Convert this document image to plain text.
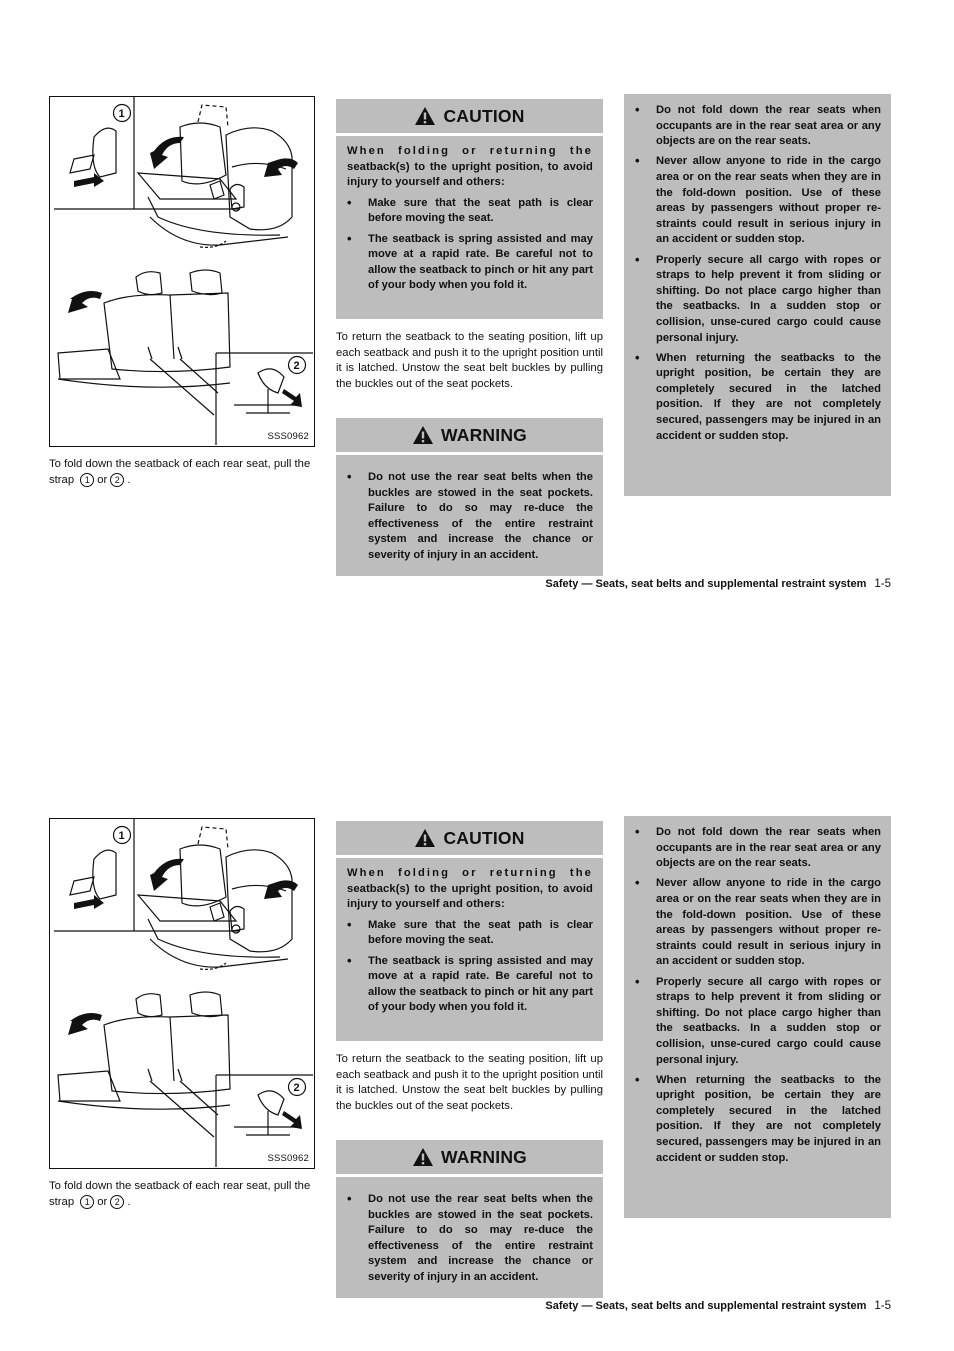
1
2
SSS0962

To fold down the seatback of each rear seat, pull the strap 1 or 2 .

CAUTION

When folding or returning the seatback(s) to the upright position, to avoid injury to yourself and others:

• Make sure that the seat path is clear before moving the seat.
• The seatback is spring assisted and may move at a rapid rate. Be careful not to allow the seatback to pinch or hit any part of your body when you fold it.

To return the seatback to the seating position, lift up each seatback and push it to the upright position until it is latched. Unstow the seat belt buckles by pulling the buckles out of the seat pockets.

WARNING
• Do not use the rear seat belts when the buckles are stowed in the seat pockets. Failure to do so may re-duce the effectiveness of the entire restraint system and increase the chance or severity of injury in an accident.
• Do not fold down the rear seats when occupants are in the rear seat area or any objects are on the rear seats.
• Never allow anyone to ride in the cargo area or on the rear seats when they are in the fold-down position. Use of these areas by passengers without proper re-straints could result in serious injury in an accident or sudden stop.
• Properly secure all cargo with ropes or straps to help prevent it from sliding or shifting. Do not place cargo higher than the seatbacks. In a sudden stop or collision, unse-cured cargo could cause personal injury.
• When returning the seatbacks to the upright position, be certain they are completely secured in the latched position. If they are not completely secured, passengers may be injured in an accident or sudden stop.
Safety — Seats, seat belts and supplemental restraint system 1-5
1
2
SSS0962

To fold down the seatback of each rear seat, pull the strap 1 or 2 .

CAUTION

When folding or returning the seatback(s) to the upright position, to avoid injury to yourself and others:

• Make sure that the seat path is clear before moving the seat.
• The seatback is spring assisted and may move at a rapid rate. Be careful not to allow the seatback to pinch or hit any part of your body when you fold it.

To return the seatback to the seating position, lift up each seatback and push it to the upright position until it is latched. Unstow the seat belt buckles by pulling the buckles out of the seat pockets.

WARNING
• Do not use the rear seat belts when the buckles are stowed in the seat pockets. Failure to do so may re-duce the effectiveness of the entire restraint system and increase the chance or severity of injury in an accident.
• Do not fold down the rear seats when occupants are in the rear seat area or any objects are on the rear seats.
• Never allow anyone to ride in the cargo area or on the rear seats when they are in the fold-down position. Use of these areas by passengers without proper re-straints could result in serious injury in an accident or sudden stop.
• Properly secure all cargo with ropes or straps to help prevent it from sliding or shifting. Do not place cargo higher than the seatbacks. In a sudden stop or collision, unse-cured cargo could cause personal injury.
• When returning the seatbacks to the upright position, be certain they are completely secured in the latched position. If they are not completely secured, passengers may be injured in an accident or sudden stop.
Safety — Seats, seat belts and supplemental restraint system 1-5
